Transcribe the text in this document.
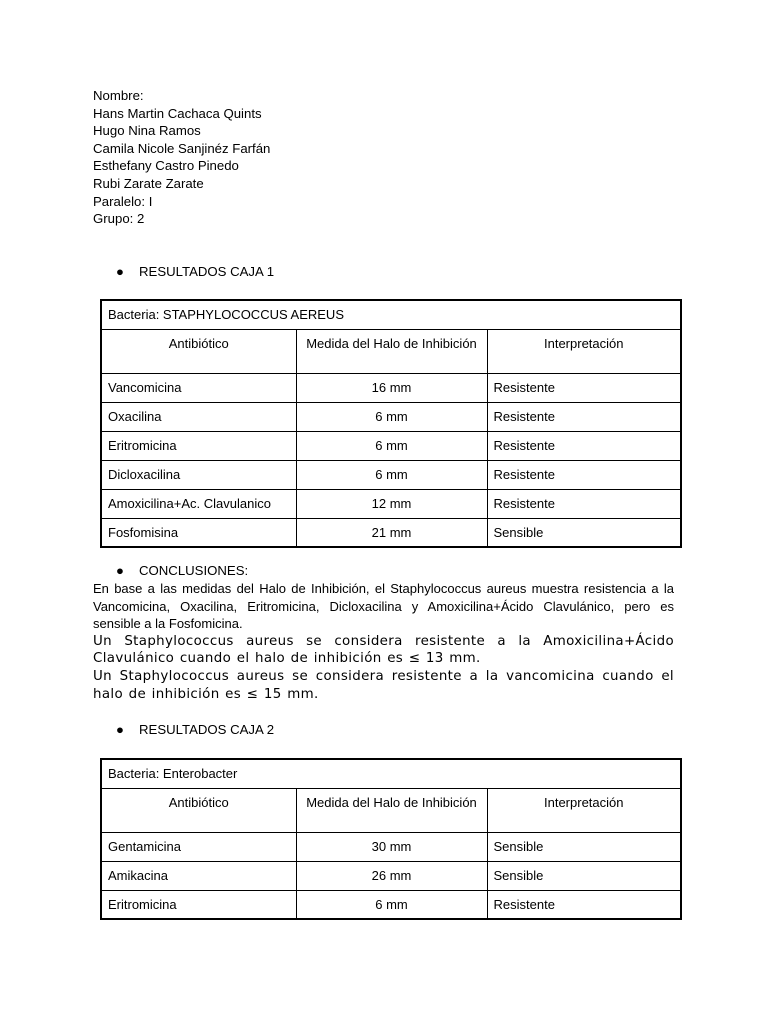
Nombre:
Hans Martin Cachaca Quints
Hugo Nina Ramos
Camila Nicole Sanjinéz Farfán
Esthefany Castro Pinedo
Rubi Zarate Zarate
Paralelo: I
Grupo: 2
● RESULTADOS CAJA 1
Bacteria: STAPHYLOCOCCUS AEREUS		
Antibiótico	Medida del Halo de Inhibición	Interpretación
Vancomicina	16 mm	Resistente
Oxacilina	6 mm	Resistente
Eritromicina	6 mm	Resistente
Dicloxacilina	6 mm	Resistente
Amoxicilina+Ac. Clavulanico	12 mm	Resistente
Fosfomisina	21 mm	Sensible
● CONCLUSIONES:
En base a las medidas del Halo de Inhibición, el Staphylococcus aureus muestra resistencia a la Vancomicina, Oxacilina, Eritromicina, Dicloxacilina y Amoxicilina+Ácido Clavulánico, pero es sensible a la Fosfomicina.
Un Staphylococcus aureus se considera resistente a la Amoxicilina+Ácido Clavulánico cuando el halo de inhibición es ≤ 13 mm.
Un Staphylococcus aureus se considera resistente a la vancomicina cuando el halo de inhibición es ≤ 15 mm.
● RESULTADOS CAJA 2
Bacteria: Enterobacter		
Antibiótico	Medida del Halo de Inhibición	Interpretación
Gentamicina	30 mm	Sensible
Amikacina	26 mm	Sensible
Eritromicina	6 mm	Resistente
